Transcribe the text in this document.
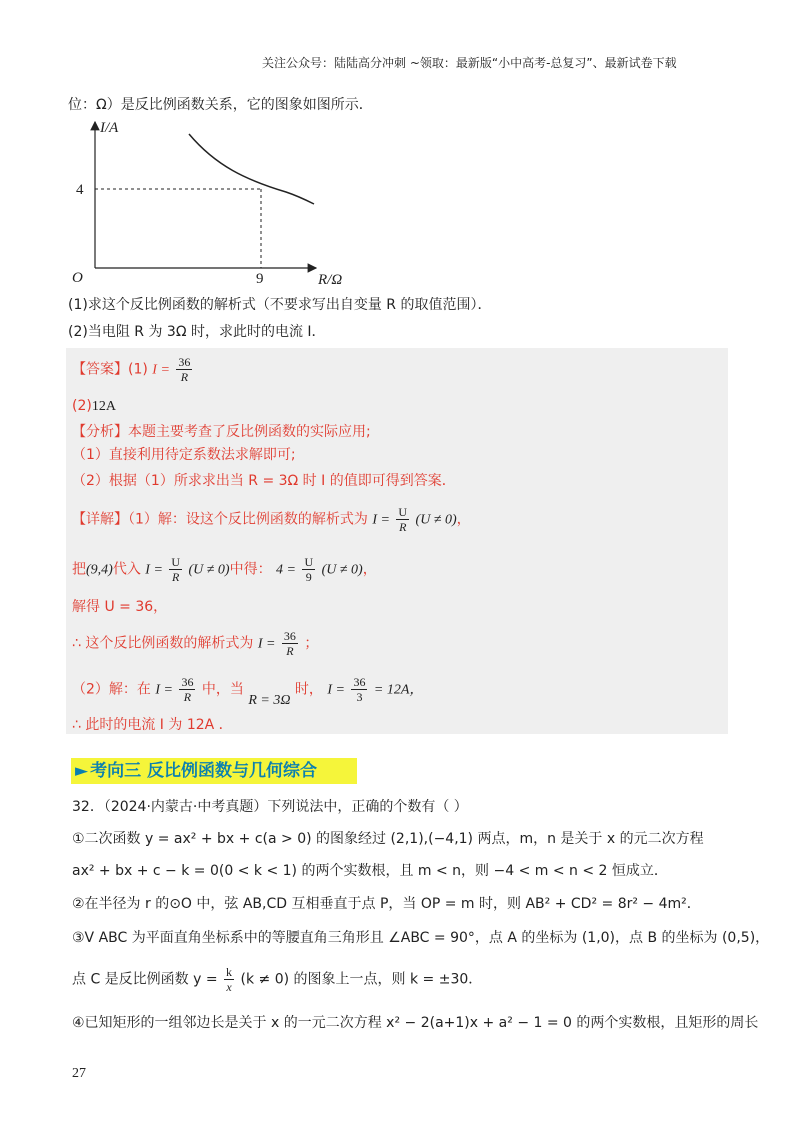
关注公众号：陆陆高分冲刺 ~领取：最新版“小中高考-总复习”、最新试卷下载
位：Ω）是反比例函数关系，它的图象如图所示．
I/A
R/Ω
O
4
9
(1)求这个反比例函数的解析式（不要求写出自变量 R 的取值范围）．
(2)当电阻 R 为 3Ω 时，求此时的电流 I．
【答案】(1) $I = \frac{36}{R}$
(2)12A
【分析】本题主要考查了反比例函数的实际应用;
（1）直接利用待定系数法求解即可;
（2）根据（1）所求求出当 R = 3Ω 时 I 的值即可得到答案．
【详解】（1）解：设这个反比例函数的解析式为 $I = \frac{U}{R} (U \ne 0)$，
把(9,4)代入 $I = \frac{U}{R} (U \ne 0)$中得： $4 = \frac{U}{9} (U \ne 0)$，
解得 U = 36，
∴ 这个反比例函数的解析式为 $I = \frac{36}{R}$ ；
（2）解：在 $I = \frac{36}{R}$ 中，当 R = 3Ω 时， $I = \frac{36}{3} = 12A$，
∴ 此时的电流 I 为 12A ．
► 考向三 反比例函数与几何综合
32．（2024·内蒙古·中考真题）下列说法中，正确的个数有（ ）
①二次函数 y = ax² + bx + c(a > 0) 的图象经过 (2,1),(−4,1) 两点，m，n 是关于 x 的元二次方程
ax² + bx + c − k = 0(0 < k < 1) 的两个实数根，且 m < n，则 −4 < m < n < 2 恒成立．
②在半径为 r 的⊙O 中，弦 AB,CD 互相垂直于点 P，当 OP = m 时，则 AB² + CD² = 8r² − 4m²．
③V ABC 为平面直角坐标系中的等腰直角三角形且 ∠ABC = 90°，点 A 的坐标为 (1,0)，点 B 的坐标为 (0,5)，
点 C 是反比例函数 $y = \frac{k}{x} (k \ne 0)$ 的图象上一点，则 k = ±30．
④已知矩形的一组邻边长是关于 x 的一元二次方程 x² − 2(a+1)x + a² − 1 = 0 的两个实数根，且矩形的周长
27
